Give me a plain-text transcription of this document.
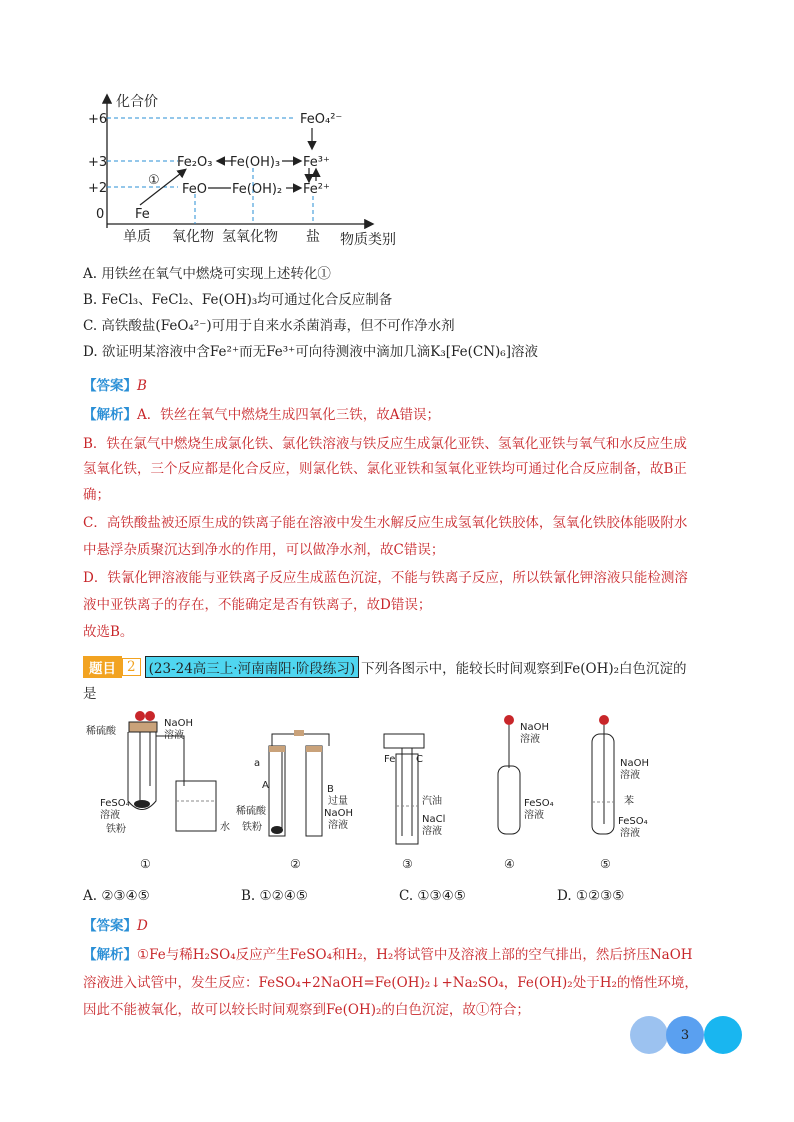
化合价
+6
+3
+2
0 Fe
Fe₂O₃ Fe(OH)₃ Fe³⁺
FeO Fe(OH)₂ Fe²⁺
FeO₄²⁻
①
单质 氧化物 氢氧化物 盐 物质类别
A. 用铁丝在氧气中燃烧可实现上述转化①
B. FeCl₃、FeCl₂、Fe(OH)₃均可通过化合反应制备
C. 高铁酸盐(FeO₄²⁻)可用于自来水杀菌消毒，但不可作净水剂
D. 欲证明某溶液中含Fe²⁺而无Fe³⁺可向待测液中滴加几滴K₃[Fe(CN)₆]溶液
【答案】B
【解析】A．铁丝在氧气中燃烧生成四氧化三铁，故A错误；
B．铁在氯气中燃烧生成氯化铁、氯化铁溶液与铁反应生成氯化亚铁、氢氧化亚铁与氧气和水反应生成
氢氧化铁，三个反应都是化合反应，则氯化铁、氯化亚铁和氢氧化亚铁均可通过化合反应制备，故B正
确；
C．高铁酸盐被还原生成的铁离子能在溶液中发生水解反应生成氢氧化铁胶体，氢氧化铁胶体能吸附水
中悬浮杂质聚沉达到净水的作用，可以做净水剂，故C错误；
D．铁氰化钾溶液能与亚铁离子反应生成蓝色沉淀，不能与铁离子反应，所以铁氰化钾溶液只能检测溶
液中亚铁离子的存在，不能确定是否有铁离子，故D错误；
故选B。
题目 2 (23-24高三上·河南南阳·阶段练习) 下列各图示中，能较长时间观察到Fe(OH)₂白色沉淀的
是
稀硫酸
NaOH
溶液
FeSO₄
溶液
铁粉	水
①
a
A	B
稀硫酸
铁粉
过量
NaOH
溶液
②
Fe C
汽油
NaCl
溶液
③
NaOH
溶液
FeSO₄
溶液
④
NaOH
溶液
苯
FeSO₄
溶液
⑤
A. ②③④⑤	B. ①②④⑤	C. ①③④⑤	D. ①②③⑤
【答案】D
【解析】①Fe与稀H₂SO₄反应产生FeSO₄和H₂，H₂将试管中及溶液上部的空气排出，然后挤压NaOH
溶液进入试管中，发生反应：FeSO₄+2NaOH=Fe(OH)₂↓+Na₂SO₄，Fe(OH)₂处于H₂的惰性环境，
因此不能被氧化，故可以较长时间观察到Fe(OH)₂的白色沉淀，故①符合；
3
